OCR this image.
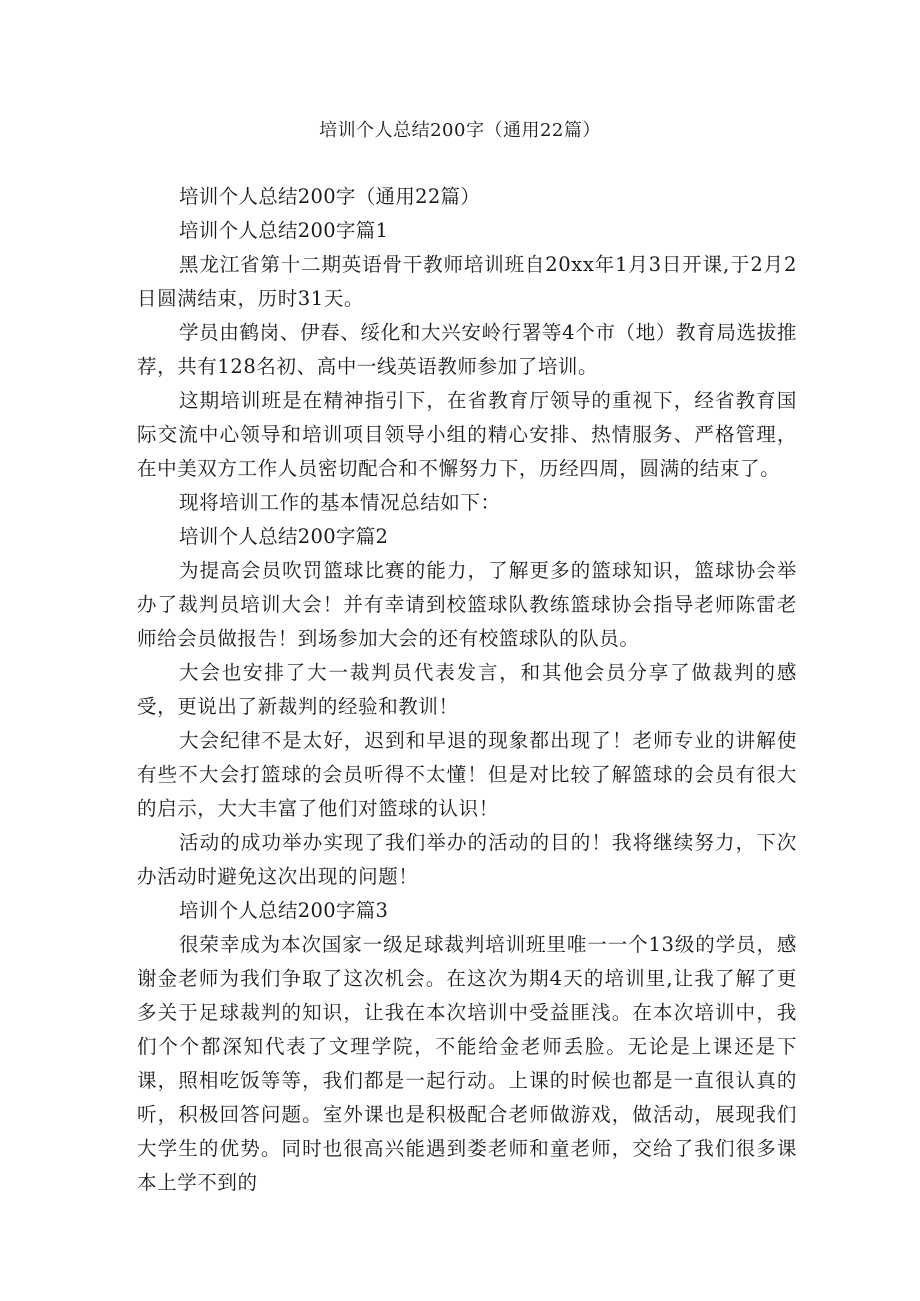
培训个人总结200字（通用22篇）

培训个人总结200字（通用22篇）

培训个人总结200字篇1

黑龙江省第十二期英语骨干教师培训班自20xx年1月3日开课,于2月2日圆满结束，历时31天。

学员由鹤岗、伊春、绥化和大兴安岭行署等4个市（地）教育局选拔推荐，共有128名初、高中一线英语教师参加了培训。

这期培训班是在精神指引下，在省教育厅领导的重视下，经省教育国际交流中心领导和培训项目领导小组的精心安排、热情服务、严格管理，在中美双方工作人员密切配合和不懈努力下，历经四周，圆满的结束了。

现将培训工作的基本情况总结如下：

培训个人总结200字篇2

为提高会员吹罚篮球比赛的能力，了解更多的篮球知识，篮球协会举办了裁判员培训大会！并有幸请到校篮球队教练篮球协会指导老师陈雷老师给会员做报告！到场参加大会的还有校篮球队的队员。

大会也安排了大一裁判员代表发言，和其他会员分享了做裁判的感受，更说出了新裁判的经验和教训！

大会纪律不是太好，迟到和早退的现象都出现了！老师专业的讲解使有些不大会打篮球的会员听得不太懂！但是对比较了解篮球的会员有很大的启示，大大丰富了他们对篮球的认识！

活动的成功举办实现了我们举办的活动的目的！我将继续努力，下次办活动时避免这次出现的问题！

培训个人总结200字篇3

很荣幸成为本次国家一级足球裁判培训班里唯一一个13级的学员，感谢金老师为我们争取了这次机会。在这次为期4天的培训里,让我了解了更多关于足球裁判的知识，让我在本次培训中受益匪浅。在本次培训中，我们个个都深知代表了文理学院，不能给金老师丢脸。无论是上课还是下课，照相吃饭等等，我们都是一起行动。上课的时候也都是一直很认真的听，积极回答问题。室外课也是积极配合老师做游戏，做活动，展现我们大学生的优势。同时也很高兴能遇到娄老师和童老师，交给了我们很多课本上学不到的
